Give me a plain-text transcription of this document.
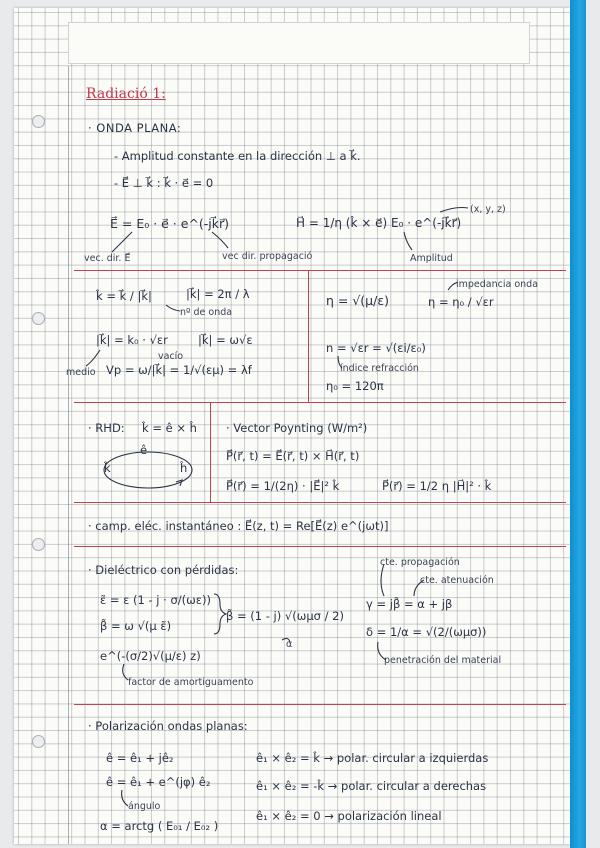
Radiació 1:
· ONDA PLANA:
- Amplitud constante en la dirección ⊥ a k⃗.
- E⃗ ⊥ k⃗ : k⃗ · e⃗ = 0
E⃗ = E₀ · e⃗ · e^(-jk⃗r⃗)	H⃗ = 1/η (k̂ × e⃗) E₀ · e^(-jk⃗r⃗)
(x, y, z)
vec. dir. E⃗	vec dir. propagació	Amplitud
k̂ = k⃗ / |k⃗|	|k⃗| = 2π / λ
nº de onda
|k⃗| = k₀ · √εr	|k⃗| = ω√ε
vacío
medio Vp = ω/|k⃗| = 1/√(εμ) = λf
η = √(μ/ε)	η = η₀ / √εr
impedancia onda
n = √εr = √(εi/ε₀)
índice refracción
η₀ = 120π
· RHD: k̂ = ê × ĥ
ê
k̂	ĥ
· Vector Poynting (W/m²)
P⃗(r⃗, t) = E⃗(r⃗, t) × H⃗(r⃗, t)
P⃗(r⃗) = 1/(2η) · |E⃗|² k̂	P⃗(r⃗) = 1/2 η |H⃗|² · k̂
· camp. eléc. instantáneo : E⃗(z, t) = Re[E⃗(z) e^(jωt)]
· Dieléctrico con pérdidas:
ε̃ = ε (1 - j · σ/(ωε))
β̃ = ω √(μ ε̃)
e^(-(σ/2)√(μ/ε) z)
β̃ = (1 - j) √(ωμσ / 2)
α
factor de amortiguamento
cte. propagación
cte. atenuación
γ = jβ̃ = α + jβ
δ = 1/α = √(2/(ωμσ))
penetración del material
· Polarización ondas planas:
ê = ê₁ + jê₂
ê = ê₁ + e^(jφ) ê₂
ángulo
α = arctg ( E₀₁ / E₀₂ )
ê₁ × ê₂ = k̂ → polar. circular a izquierdas
ê₁ × ê₂ = -k̂ → polar. circular a derechas
ê₁ × ê₂ = 0 → polarización lineal
